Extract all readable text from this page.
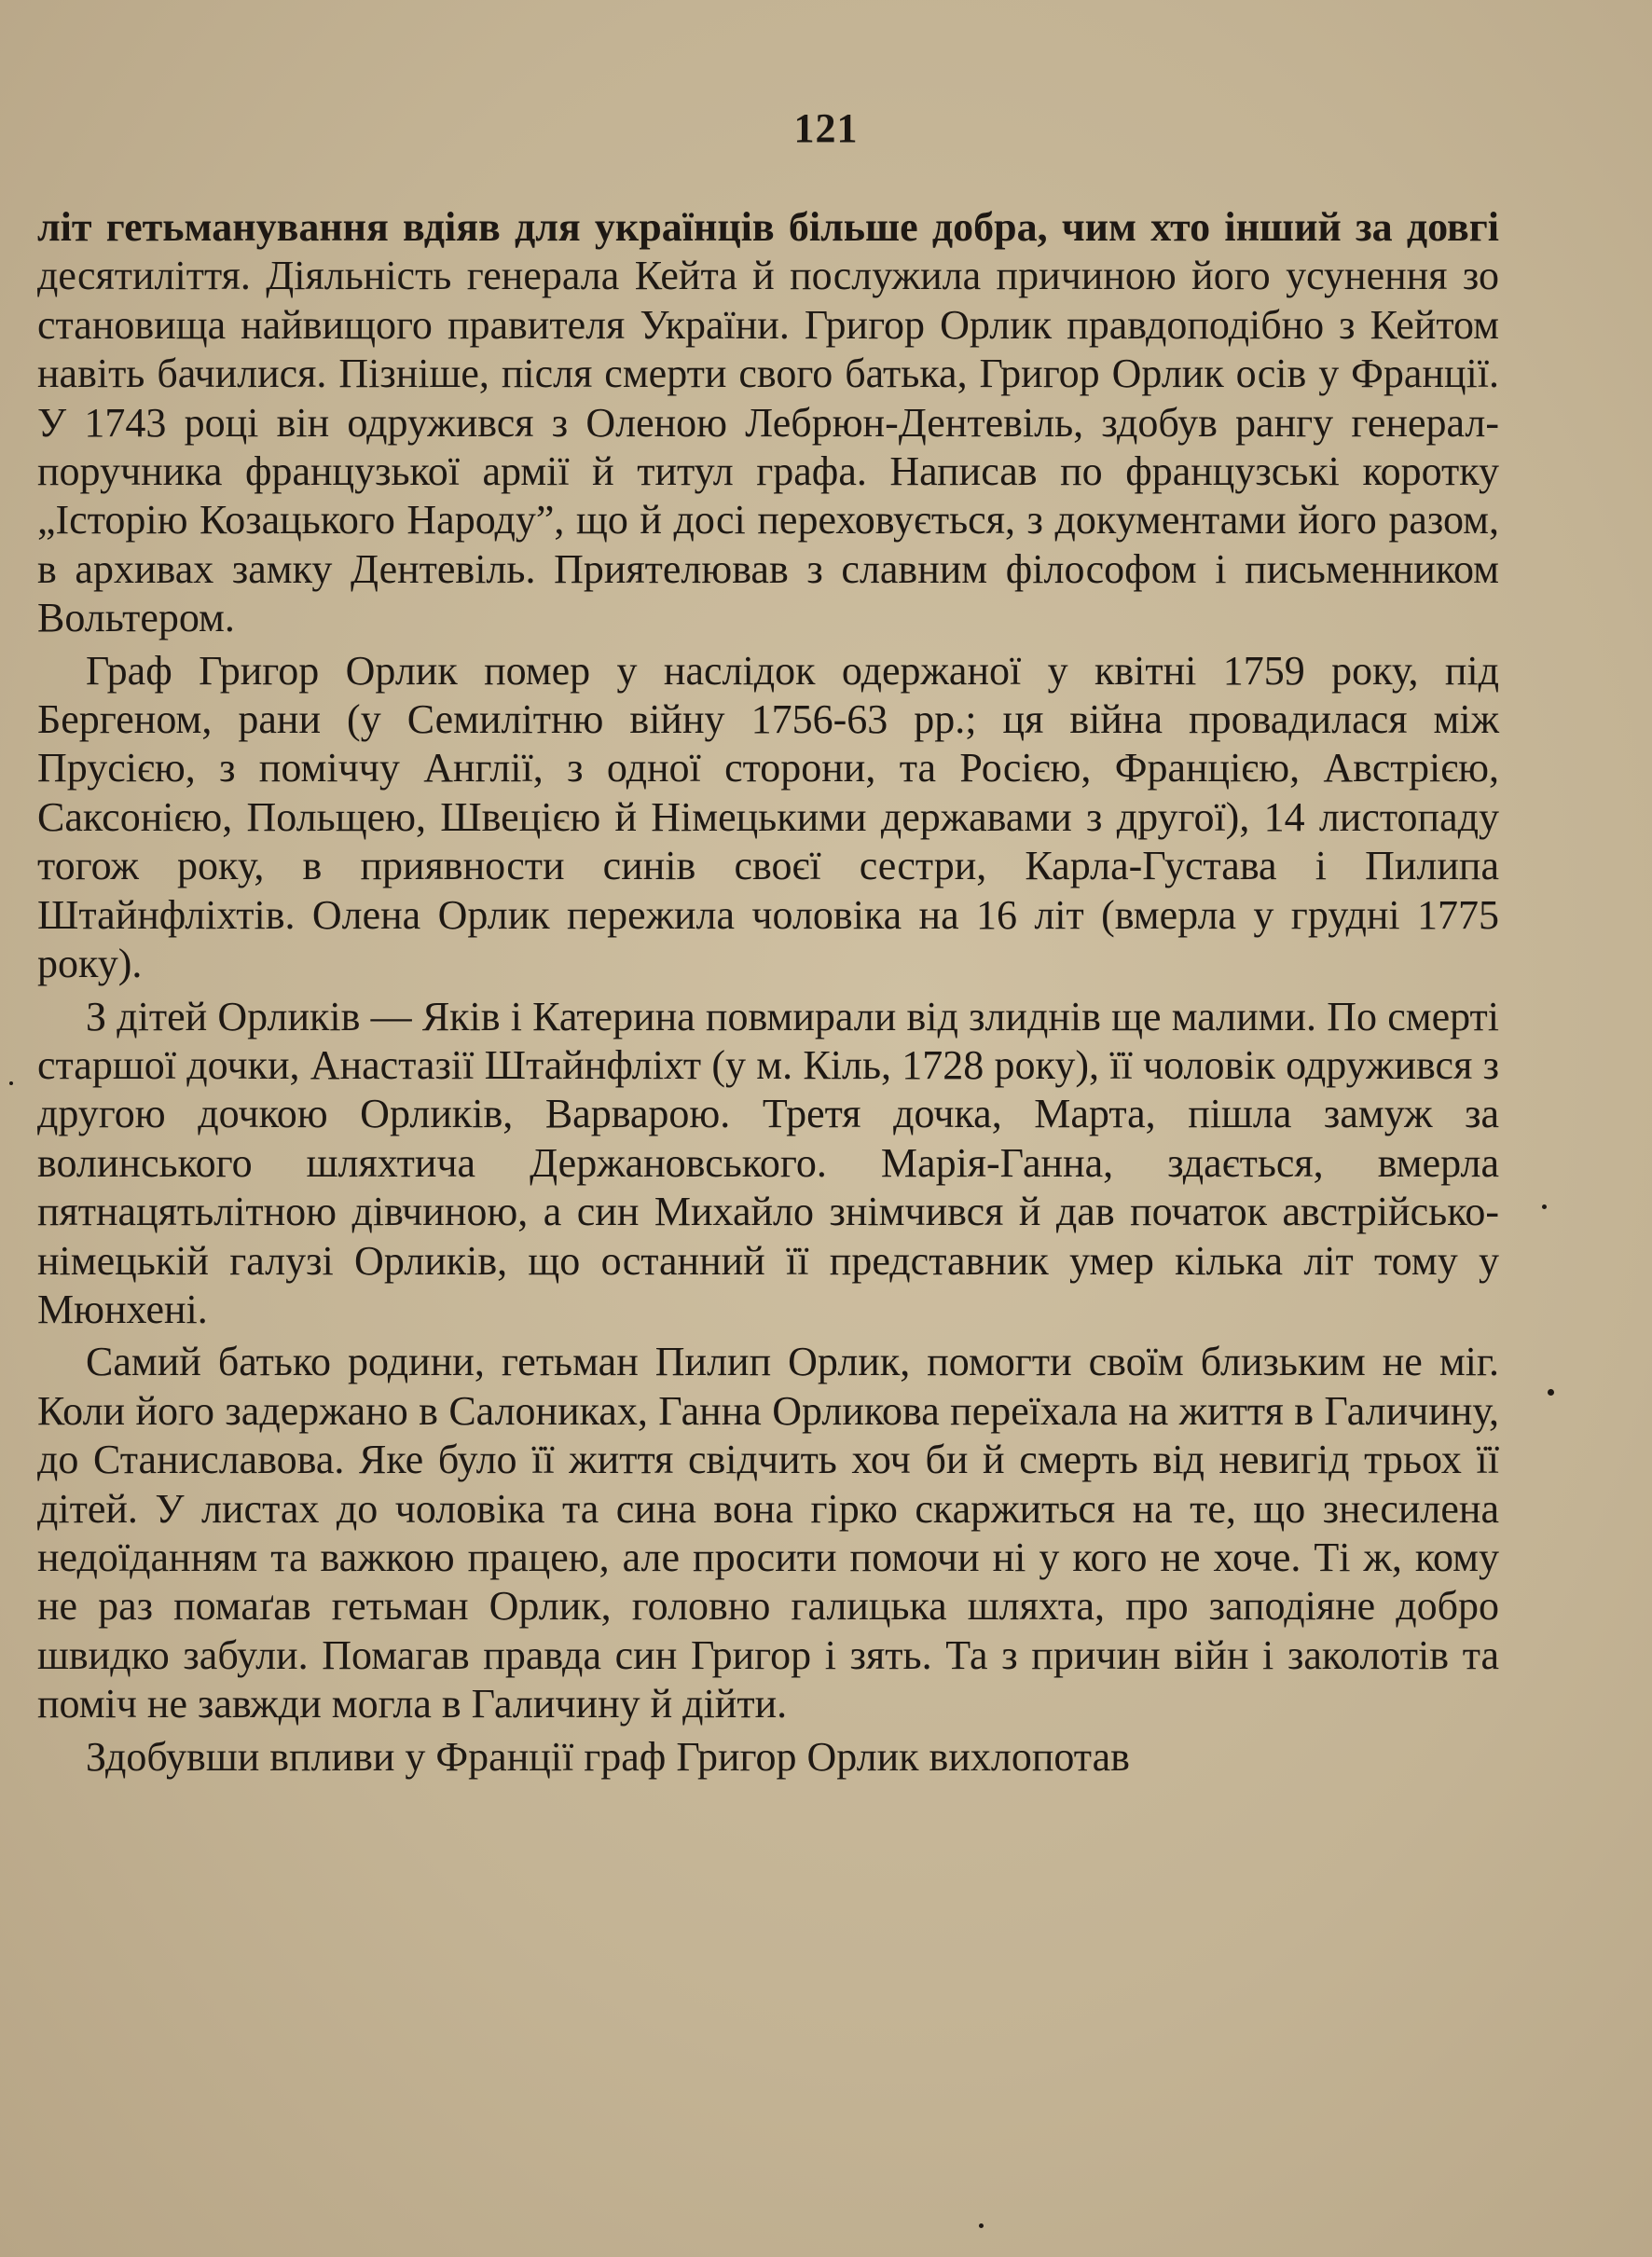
121

літ гетьманування вдіяв для українців більше добра, чим хто інший за довгі десятиліття. Діяльність генерала Кейта й послужила причиною його усунення зо становища найвищого правителя України. Григор Орлик правдоподібно з Кейтом навіть бачилися. Пізніше, після смерти свого батька, Григор Орлик осів у Франції. У 1743 році він одружився з Оленою Лебрюн-Дентевіль, здобув рангу генерал-поручника французької армії й титул графа. Написав по французські коротку „Історію Козацького Народу”, що й досі переховується, з документами його разом, в архивах замку Дентевіль. Приятелював з славним філософом і письменником Вольтером.

Граф Григор Орлик помер у наслідок одержаної у квітні 1759 року, під Бергеном, рани (у Семилітню війну 1756-63 рр.; ця війна провадилася між Прусією, з поміччу Англії, з одної сторони, та Росією, Францією, Австрією, Саксонією, Польщею, Швецією й Німецькими державами з другої), 14 листопаду тогож року, в приявности синів своєї сестри, Карла-Густава і Пилипа Штайнфліхтів. Олена Орлик пережила чоловіка на 16 літ (вмерла у грудні 1775 року).

З дітей Орликів — Яків і Катерина повмирали від злиднів ще малими. По смерті старшої дочки, Анастазії Штайнфліхт (у м. Кіль, 1728 року), її чоловік одружився з другою дочкою Орликів, Варварою. Третя дочка, Марта, пішла замуж за волинського шляхтича Держановського. Марія-Ганна, здається, вмерла пятнацятьлітною дівчиною, а син Михайло знімчився й дав початок австрійсько-німецькій галузі Орликів, що останний її представник умер кілька літ тому у Мюнхені.

Самий батько родини, гетьман Пилип Орлик, помогти своїм близьким не міг. Коли його задержано в Салониках, Ганна Орликова переїхала на життя в Галичину, до Станиславова. Яке було її життя свідчить хоч би й смерть від невигід трьох її дітей. У листах до чоловіка та сина вона гірко скаржиться на те, що знесилена недоїданням та важкою працею, але просити помочи ні у кого не хоче. Ті ж, кому не раз помаґав гетьман Орлик, головно галицька шляхта, про заподіяне добро швидко забули. Помагав правда син Григор і зять. Та з причин війн і заколотів та поміч не завжди могла в Галичину й дійти.

Здобувши впливи у Франції граф Григор Орлик вихлопотав
